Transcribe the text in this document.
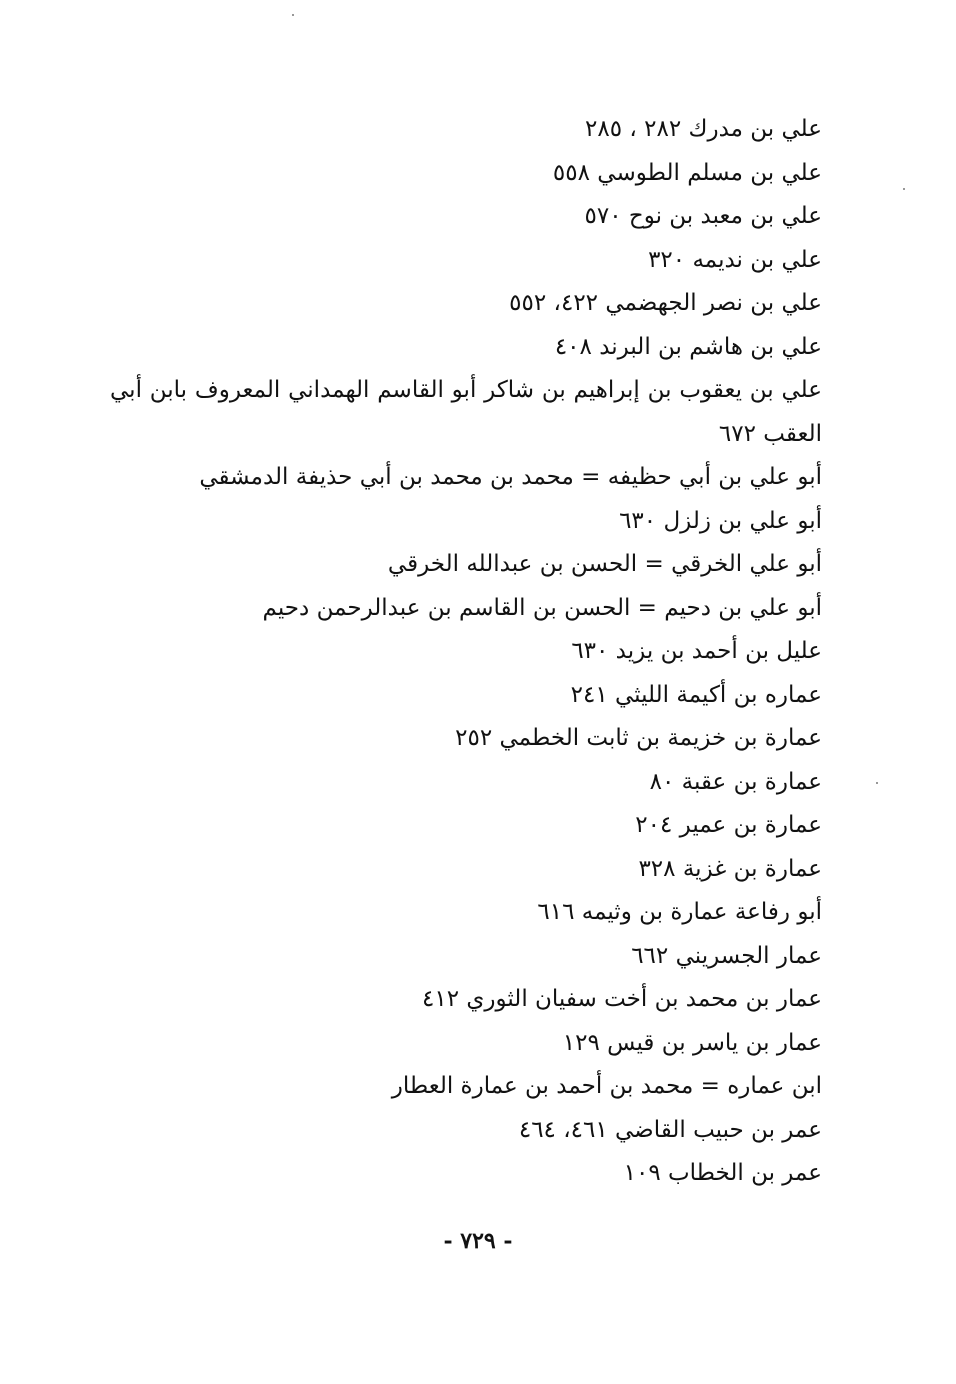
علي بن مدرك ٢٨٢ ، ٢٨٥
علي بن مسلم الطوسي ٥٥٨
علي بن معبد بن نوح ٥٧٠
علي بن نديمه ٣٢٠
علي بن نصر الجهضمي ٤٢٢، ٥٥٢
علي بن هاشم بن البرند ٤٠٨
علي بن يعقوب بن إبراهيم بن شاكر أبو القاسم الهمداني المعروف بابن أبي
العقب ٦٧٢
أبو علي بن أبي حظيفه = محمد بن محمد بن أبي حذيفة الدمشقي
أبو علي بن زلزل ٦٣٠
أبو علي الخرقي = الحسن بن عبدالله الخرقي
أبو علي بن دحيم = الحسن بن القاسم بن عبدالرحمن دحيم
عليل بن أحمد بن يزيد ٦٣٠
عماره بن أكيمة الليثي ٢٤١
عمارة بن خزيمة بن ثابت الخطمي ٢٥٢
عمارة بن عقبة ٨٠
عمارة بن عمير ٢٠٤
عمارة بن غزية ٣٢٨
أبو رفاعة عمارة بن وثيمه ٦١٦
عمار الجسريني ٦٦٢
عمار بن محمد بن أخت سفيان الثوري ٤١٢
عمار بن ياسر بن قيس ١٢٩
ابن عماره = محمد بن أحمد بن عمارة العطار
عمر بن حبيب القاضي ٤٦١، ٤٦٤
عمر بن الخطاب ١٠٩
- ٧٢٩ -
